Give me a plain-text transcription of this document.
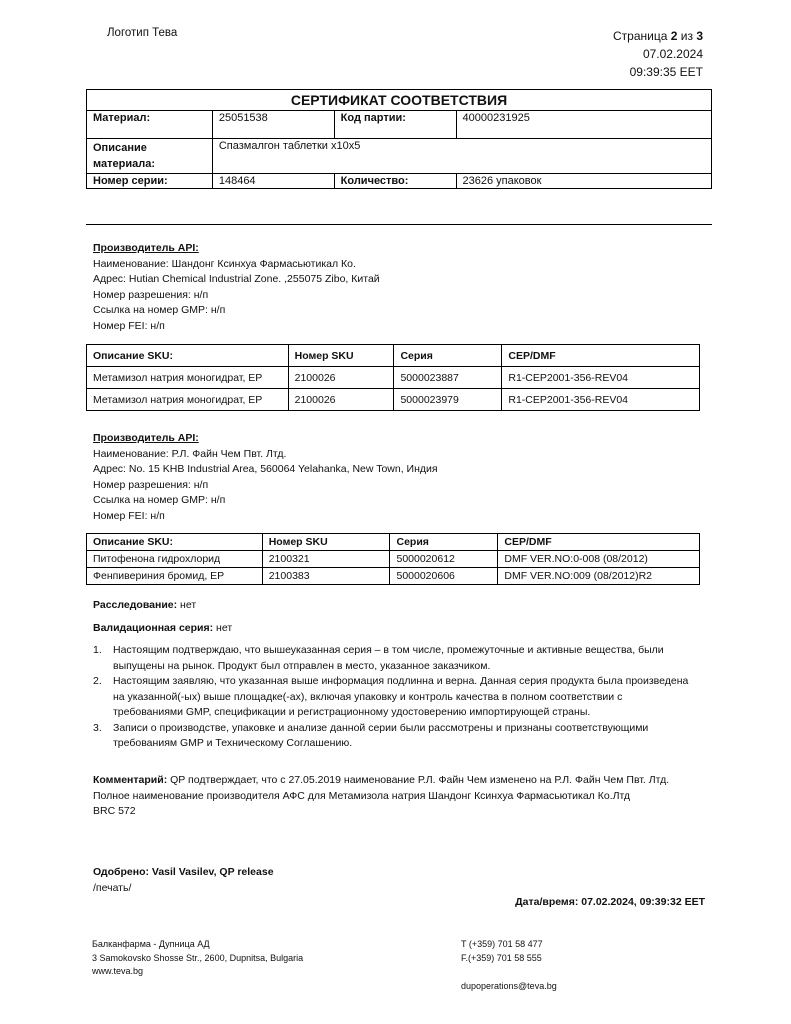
Логотип Тева	Страница 2 из 3
07.02.2024
09:39:35 EET
СЕРТИФИКАТ СООТВЕТСТВИЯ			
Материал:	25051538	Код партии:	40000231925
Описание материала:	Спазмалгон таблетки x10x5		
Номер серии:	148464	Количество:	23626 упаковок
Производитель API:
Наименование: Шандонг Ксинхуа Фармасьютикал Ко.
Адрес: Hutian Chemical Industrial Zone. ,255075 Zibo, Китай
Номер разрешения: н/п
Ссылка на номер GMP: н/п
Номер FEI: н/п
Описание SKU:	Номер SKU	Серия	CEP/DMF
Метамизол натрия моногидрат, EP	2100026	5000023887	R1-CEP2001-356-REV04
Метамизол натрия моногидрат, EP	2100026	5000023979	R1-CEP2001-356-REV04
Производитель API:
Наименование: Р.Л. Файн Чем Пвт. Лтд.
Адрес: No. 15 KHB Industrial Area, 560064 Yelahanka, New Town, Индия
Номер разрешения: н/п
Ссылка на номер GMP: н/п
Номер FEI: н/п
Описание SKU:	Номер SKU	Серия	CEP/DMF
Питофенона гидрохлорид	2100321	5000020612	DMF VER.NO:0-008 (08/2012)
Фенпивериния бромид, EP	2100383	5000020606	DMF VER.NO:009 (08/2012)R2
Расследование: нет
Валидационная серия: нет
1. Настоящим подтверждаю, что вышеуказанная серия – в том числе, промежуточные и активные вещества, были выпущены на рынок. Продукт был отправлен в место, указанное заказчиком.
2. Настоящим заявляю, что указанная выше информация подлинна и верна. Данная серия продукта была произведена на указанной(-ых) выше площадке(-ах), включая упаковку и контроль качества в полном соответствии с требованиями GMP, спецификации и регистрационному удостоверению импортирующей страны.
3. Записи о производстве, упаковке и анализе данной серии были рассмотрены и признаны соответствующими требованиям GMP и Техническому Соглашению.
Комментарий: QP подтверждает, что с 27.05.2019 наименование Р.Л. Файн Чем изменено на Р.Л. Файн Чем Пвт. Лтд.
Полное наименование производителя АФС для Метамизола натрия Шандонг Ксинхуа Фармасьютикал Ко.Лтд
BRC 572
Одобрено: Vasil Vasilev, QP release
/печать/
Дата/время: 07.02.2024, 09:39:32 EET
Балканфарма - Дупница АД
3 Samokovsko Shosse Str., 2600, Dupnitsa, Bulgaria
www.teva.bg
T (+359) 701 58 477
F.(+359) 701 58 555
dupoperations@teva.bg
